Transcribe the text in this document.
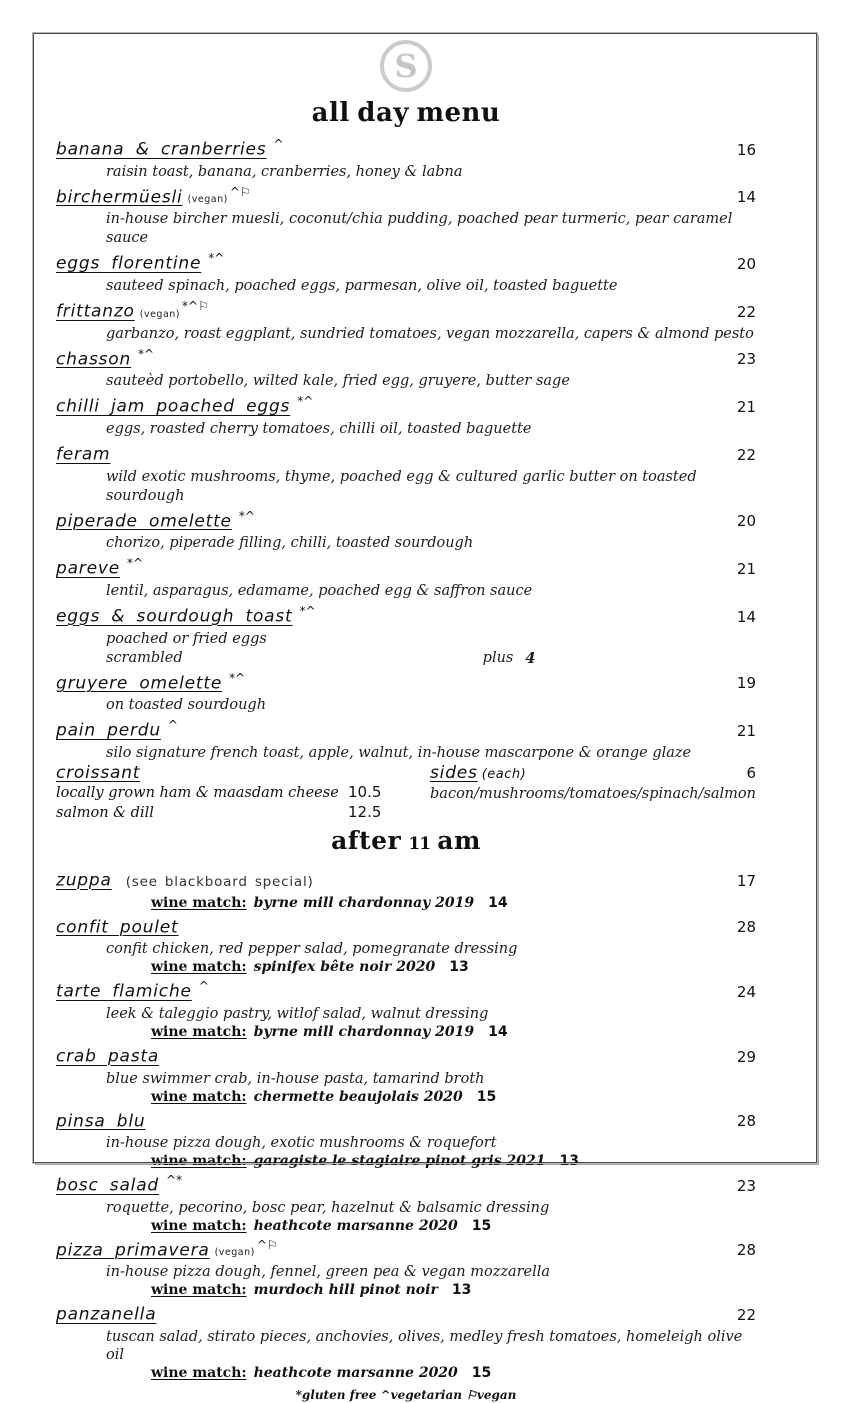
S
all day menu
banana & cranberries ^	16
raisin toast, banana, cranberries, honey & labna
birchermüesli (vegan)^⚐	14
in-house bircher muesli, coconut/chia pudding, poached pear turmeric, pear caramel sauce
eggs florentine *^	20
sauteed spinach, poached eggs, parmesan, olive oil, toasted baguette
frittanzo (vegan)*^⚐	22
garbanzo, roast eggplant, sundried tomatoes, vegan mozzarella, capers & almond pesto
chasson *^	23
sauteèd portobello, wilted kale, fried egg, gruyere, butter sage
chilli jam poached eggs *^	21
eggs, roasted cherry tomatoes, chilli oil, toasted baguette
feram	22
wild exotic mushrooms, thyme, poached egg & cultured garlic butter on toasted sourdough
piperade omelette *^	20
chorizo, piperade filling, chilli, toasted sourdough
pareve *^	21
lentil, asparagus, edamame, poached egg & saffron sauce
eggs & sourdough toast *^	14
poached or fried eggs
scrambled	plus 4
gruyere omelette *^	19
on toasted sourdough
pain perdu ^	21
silo signature french toast, apple, walnut, in-house mascarpone & orange glaze
croissant
locally grown ham & maasdam cheese 10.5
salmon & dill	12.5
sides (each)	6
bacon/mushrooms/tomatoes/spinach/salmon
after 11 am
zuppa (see blackboard special)	17
wine match: byrne mill chardonnay 2019 14
confit poulet	28
confit chicken, red pepper salad, pomegranate dressing
wine match: spinifex bête noir 2020 13
tarte flamiche ^	24
leek & taleggio pastry, witlof salad, walnut dressing
wine match: byrne mill chardonnay 2019 14
crab pasta	29
blue swimmer crab, in-house pasta, tamarind broth
wine match: chermette beaujolais 2020 15
pinsa blu	28
in-house pizza dough, exotic mushrooms & roquefort
wine match: garagiste le stagiaire pinot gris 2021 13
bosc salad ^*	23
roquette, pecorino, bosc pear, hazelnut & balsamic dressing
wine match: heathcote marsanne 2020 15
pizza primavera (vegan)^⚐	28
in-house pizza dough, fennel, green pea & vegan mozzarella
wine match: murdoch hill pinot noir 13
panzanella	22
tuscan salad, stirato pieces, anchovies, olives, medley fresh tomatoes, homeleigh olive oil
wine match: heathcote marsanne 2020 15
*gluten free ^vegetarian ⚐vegan
